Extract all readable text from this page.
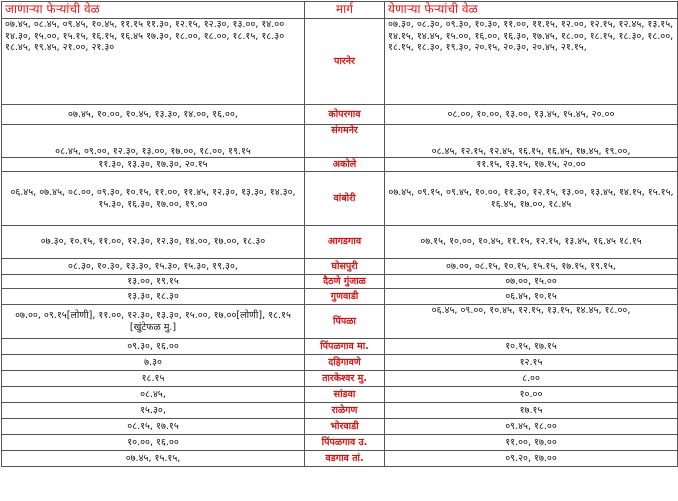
जाणाऱ्या फेऱ्यांची वेळ	मार्ग	येणाऱ्या फेऱ्यांची वेळ
०७.४५, ०८.४५, ०९.४५, १०.४५, ११.१५ ११.३०, १२.१५, १२.३०, १३.००, १४.०० १४.३०, १५.००, १५.१५, १६.१५, १६.४५ १७.३०, १८.००, १८.००, १८.१५, १८.३० १८.४५, १९.४५, २१.००, २१.३०	पारनेर	०७.३०, ०८.३०, ०९.३०, १०.३०, ११.००, ११.१५, १२.००, १२.१५, १२.४५, १३.१५, १४.१५, १४.४५, १५.००, १६.००, १६.३०, १७.४५, १८.००, १८.१५, १८.३०, १८.००, १८.१५, १८.३०, १९.३०, २०.१५, २०.३०, २०.४५, २१.१५,
०७.४५, १०.००, १०.४५, १३.३०, १४.००, १६.००,	कोपरगाव	०८.००, १०.००, १३.००, १३.४५, १५.४५, २०.००
०८.४५, ०९.००, १२.३०, १३.००, १७.००, १८.००, १९.१५	संगमनेर	०८.४५, १२.१५, १२.४५, १६.१५, १६.४५, १७.४५, १९.००,
११.३०, १३.३०, १७.३०, २०.१५	अकोले	११.१५, १३.१५, १७.१५, २०.००
०६.४५, ०७.४५, ०८.००, ०९.३०, १०.१५, ११.००, ११.४५, १२.३०, १३.३०, १४.३०, १५.३०, १६.३०, १७.००, १९.००	वांबोरी	०७.४५, ०९.१५, ०९.४५, १०.००, ११.३०, १२.१५, १३.००, १३.४५, १४.१५, १५.१५, १६.४५, १७.००, १८.४५
०७.३०, १०.१५, ११.००, १२.३०, १२.३०, १४.००, १७.००, १८.३०	आगडगाव	०७.१५, १०.००, १०.४५, ११.१५, १२.१५, १३.४५, १६.४५ १८.१५
०८.३०, १०.३०, १३.३०, १५.३०, १५.३०, १९.३०,	घोसपुरी	०७.००, ०८.१५, १०.१५, १५.१५, १७.१५, १९.१५,
१३.००, १९.१५	दैठणे गुंजाळ	०७.००, १५.००
१३.३०, १८.३०	गुणवाडी	०६.४५, १०.१५
०७.००, ०९.१५[लोणी], ११.००, १२.३०, १३.३०, १५.००, १७.००[लोणी], १८.१५ [खुंटेफळ मु.]	पिंपळा	०६.४५, ०९.००, १०.४५, १२.१५, १३.१५, १४.४५, १८.००,
०९.३०, १६.००	पिंपळगाव मा.	१०.१५, १७.१५
७.३०	दहिगावणे	१२.१५
१८.१५	तारकेश्वर मु.	८.००
०८.४५,	सांडवा	१०.००
१५.३०,	राळेगण	१७.१५
०८.१५, १७.१५	भोरवाडी	०९.४५, १८.००
१०.००, १६.००	पिंपळगाव उ.	११.००, १७.००
०७.४५, १५.१५,	वडगाव तां.	०९.२०, १७.००
